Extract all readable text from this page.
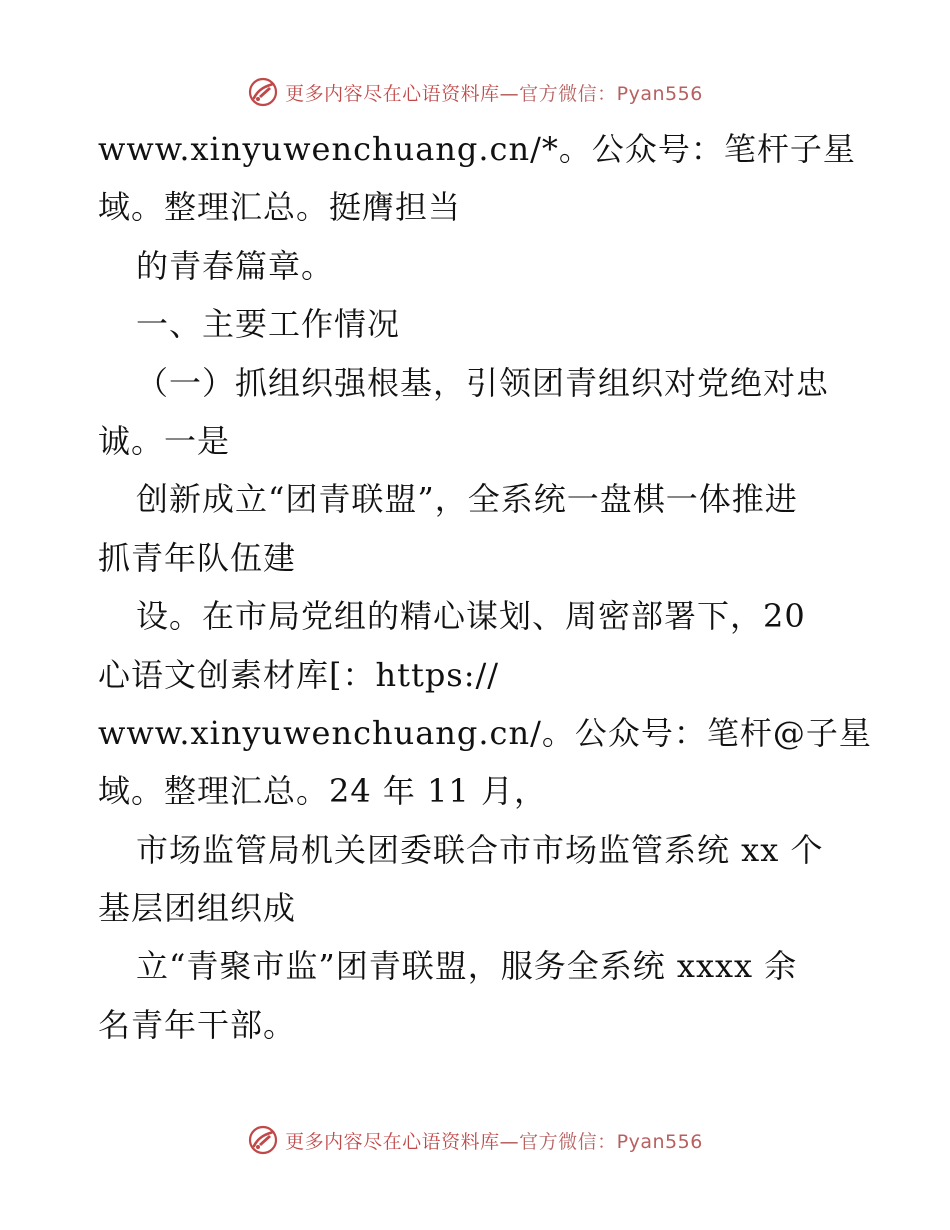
更多内容尽在心语资料库—官方微信：Pyan556
www.xinyuwenchuang.cn/*。公众号：笔杆子星
域。整理汇总。挺膺担当
的青春篇章。
一、主要工作情况
（一）抓组织强根基，引领团青组织对党绝对忠
诚。一是
创新成立“团青联盟”，全系统一盘棋一体推进
抓青年队伍建
设。在市局党组的精心谋划、周密部署下，20
心语文创素材库[：https://
www.xinyuwenchuang.cn/。公众号：笔杆@子星
域。整理汇总。24 年 11 月，
市场监管局机关团委联合市市场监管系统 xx 个
基层团组织成
立“青聚市监”团青联盟，服务全系统 xxxx 余
名青年干部。
更多内容尽在心语资料库—官方微信：Pyan556
